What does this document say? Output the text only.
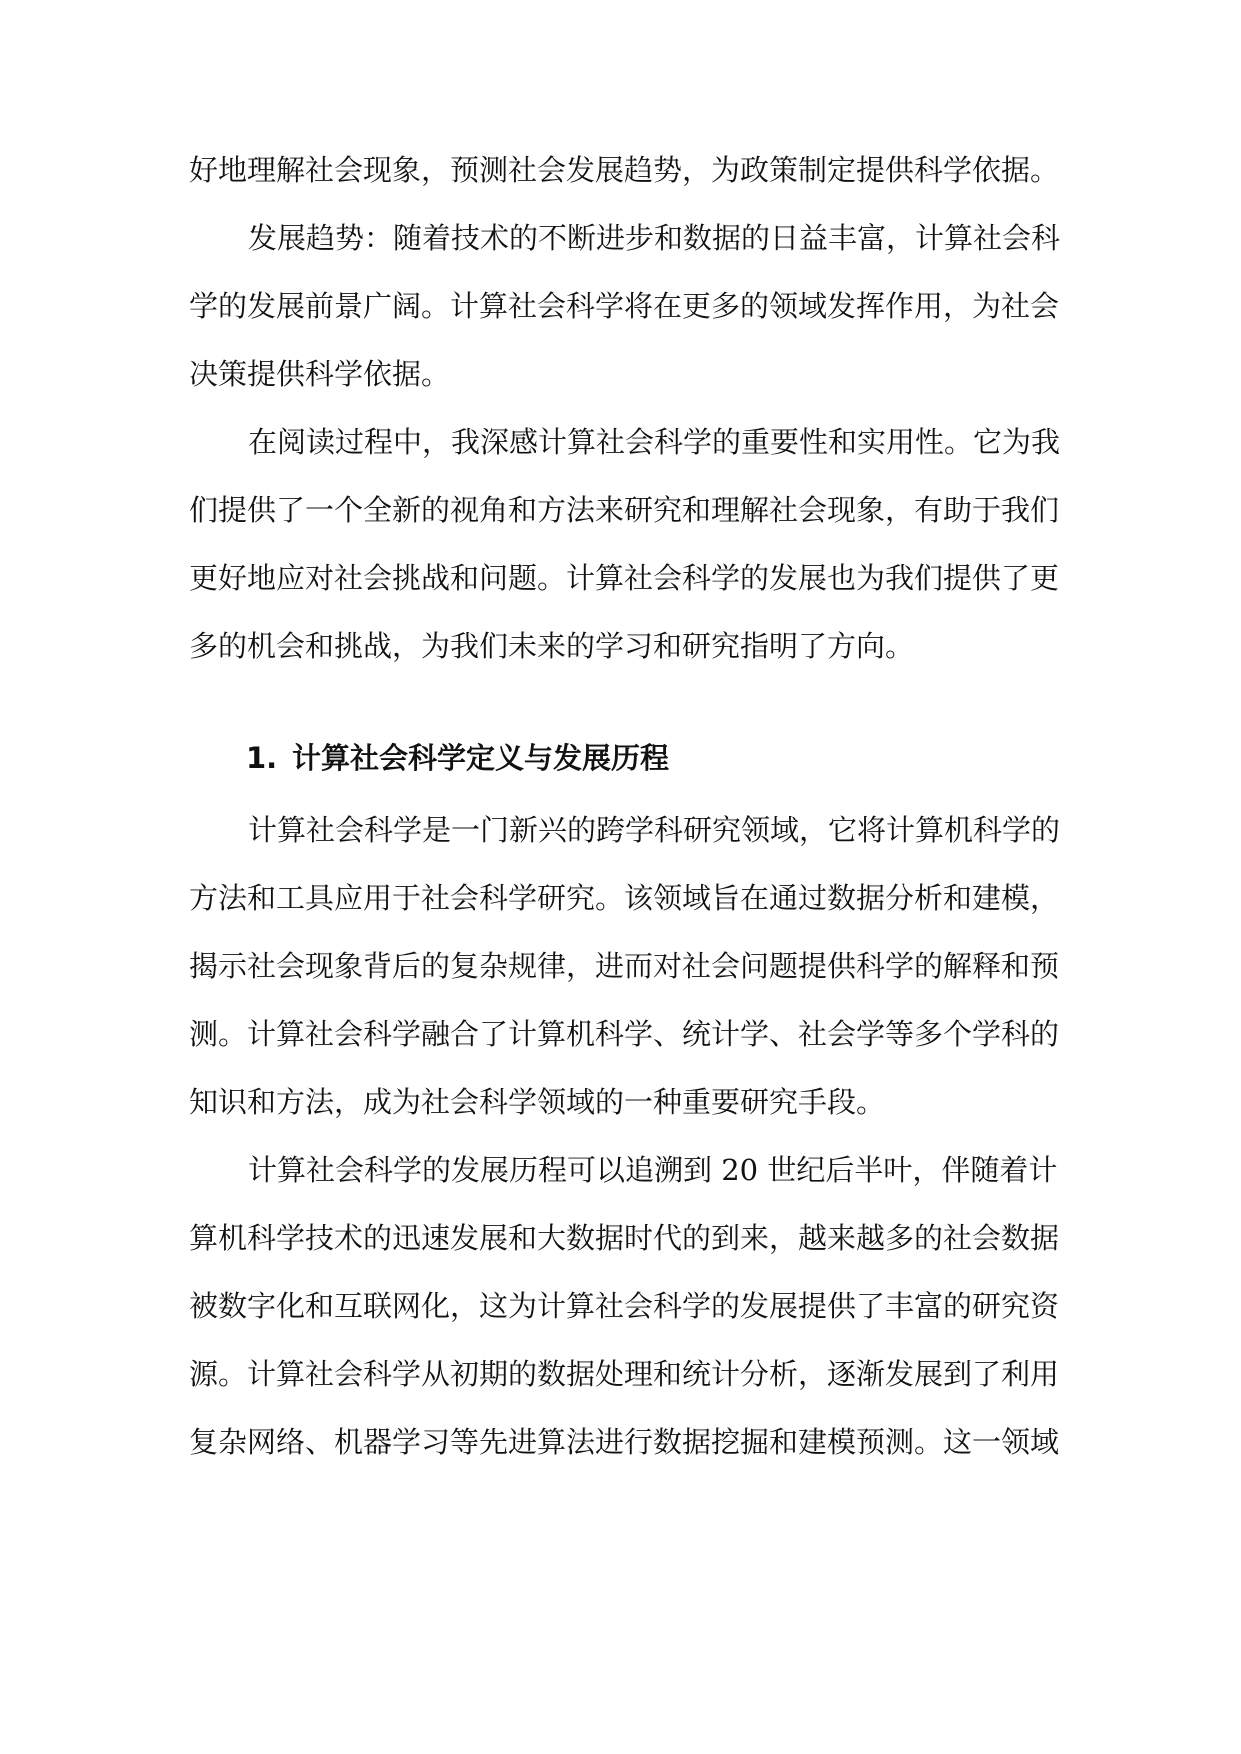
好地理解社会现象，预测社会发展趋势，为政策制定提供科学依据。
发展趋势：随着技术的不断进步和数据的日益丰富，计算社会科
学的发展前景广阔。计算社会科学将在更多的领域发挥作用，为社会
决策提供科学依据。
在阅读过程中，我深感计算社会科学的重要性和实用性。它为我
们提供了一个全新的视角和方法来研究和理解社会现象，有助于我们
更好地应对社会挑战和问题。计算社会科学的发展也为我们提供了更
多的机会和挑战，为我们未来的学习和研究指明了方向。
1. 计算社会科学定义与发展历程
计算社会科学是一门新兴的跨学科研究领域，它将计算机科学的
方法和工具应用于社会科学研究。该领域旨在通过数据分析和建模，
揭示社会现象背后的复杂规律，进而对社会问题提供科学的解释和预
测。计算社会科学融合了计算机科学、统计学、社会学等多个学科的
知识和方法，成为社会科学领域的一种重要研究手段。
计算社会科学的发展历程可以追溯到 20 世纪后半叶，伴随着计
算机科学技术的迅速发展和大数据时代的到来，越来越多的社会数据
被数字化和互联网化，这为计算社会科学的发展提供了丰富的研究资
源。计算社会科学从初期的数据处理和统计分析，逐渐发展到了利用
复杂网络、机器学习等先进算法进行数据挖掘和建模预测。这一领域
